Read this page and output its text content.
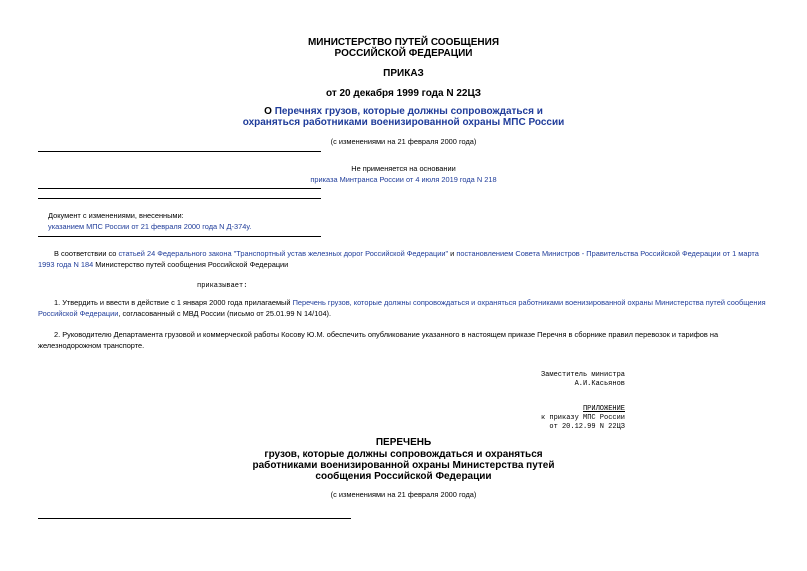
МИНИСТЕРСТВО ПУТЕЙ СООБЩЕНИЯ
РОССИЙСКОЙ ФЕДЕРАЦИИ
ПРИКАЗ
от 20 декабря 1999 года N 22ЦЗ
О Перечнях грузов, которые должны сопровождаться и
охраняться работниками военизированной охраны МПС России
(с изменениями на 21 февраля 2000 года)
Не применяется на основании
приказа Минтранса России от 4 июля 2019 года N 218
Документ с изменениями, внесенными:
указанием МПС России от 21 февраля 2000 года N Д-374у.
В соответствии со статьей 24 Федерального закона "Транспортный устав железных дорог Российской Федерации" и постановлением Совета Министров - Правительства Российской Федерации от 1 марта 1993 года N 184 Министерство путей сообщения Российской Федерации
приказывает:
1. Утвердить и ввести в действие с 1 января 2000 года прилагаемый Перечень грузов, которые должны сопровождаться и охраняться работниками военизированной охраны Министерства путей сообщения Российской Федерации, согласованный с МВД России (письмо от 25.01.99 N 14/104).
2. Руководителю Департамента грузовой и коммерческой работы Косову Ю.М. обеспечить опубликование указанного в настоящем приказе Перечня в сборнике правил перевозок и тарифов на железнодорожном транспорте.
Заместитель министра
А.И.Касьянов
ПРИЛОЖЕНИЕ
к приказу МПС России
от 20.12.99 N 22ЦЗ
ПЕРЕЧЕНЬ
грузов, которые должны сопровождаться и охраняться
работниками военизированной охраны Министерства путей
сообщения Российской Федерации
(с изменениями на 21 февраля 2000 года)
